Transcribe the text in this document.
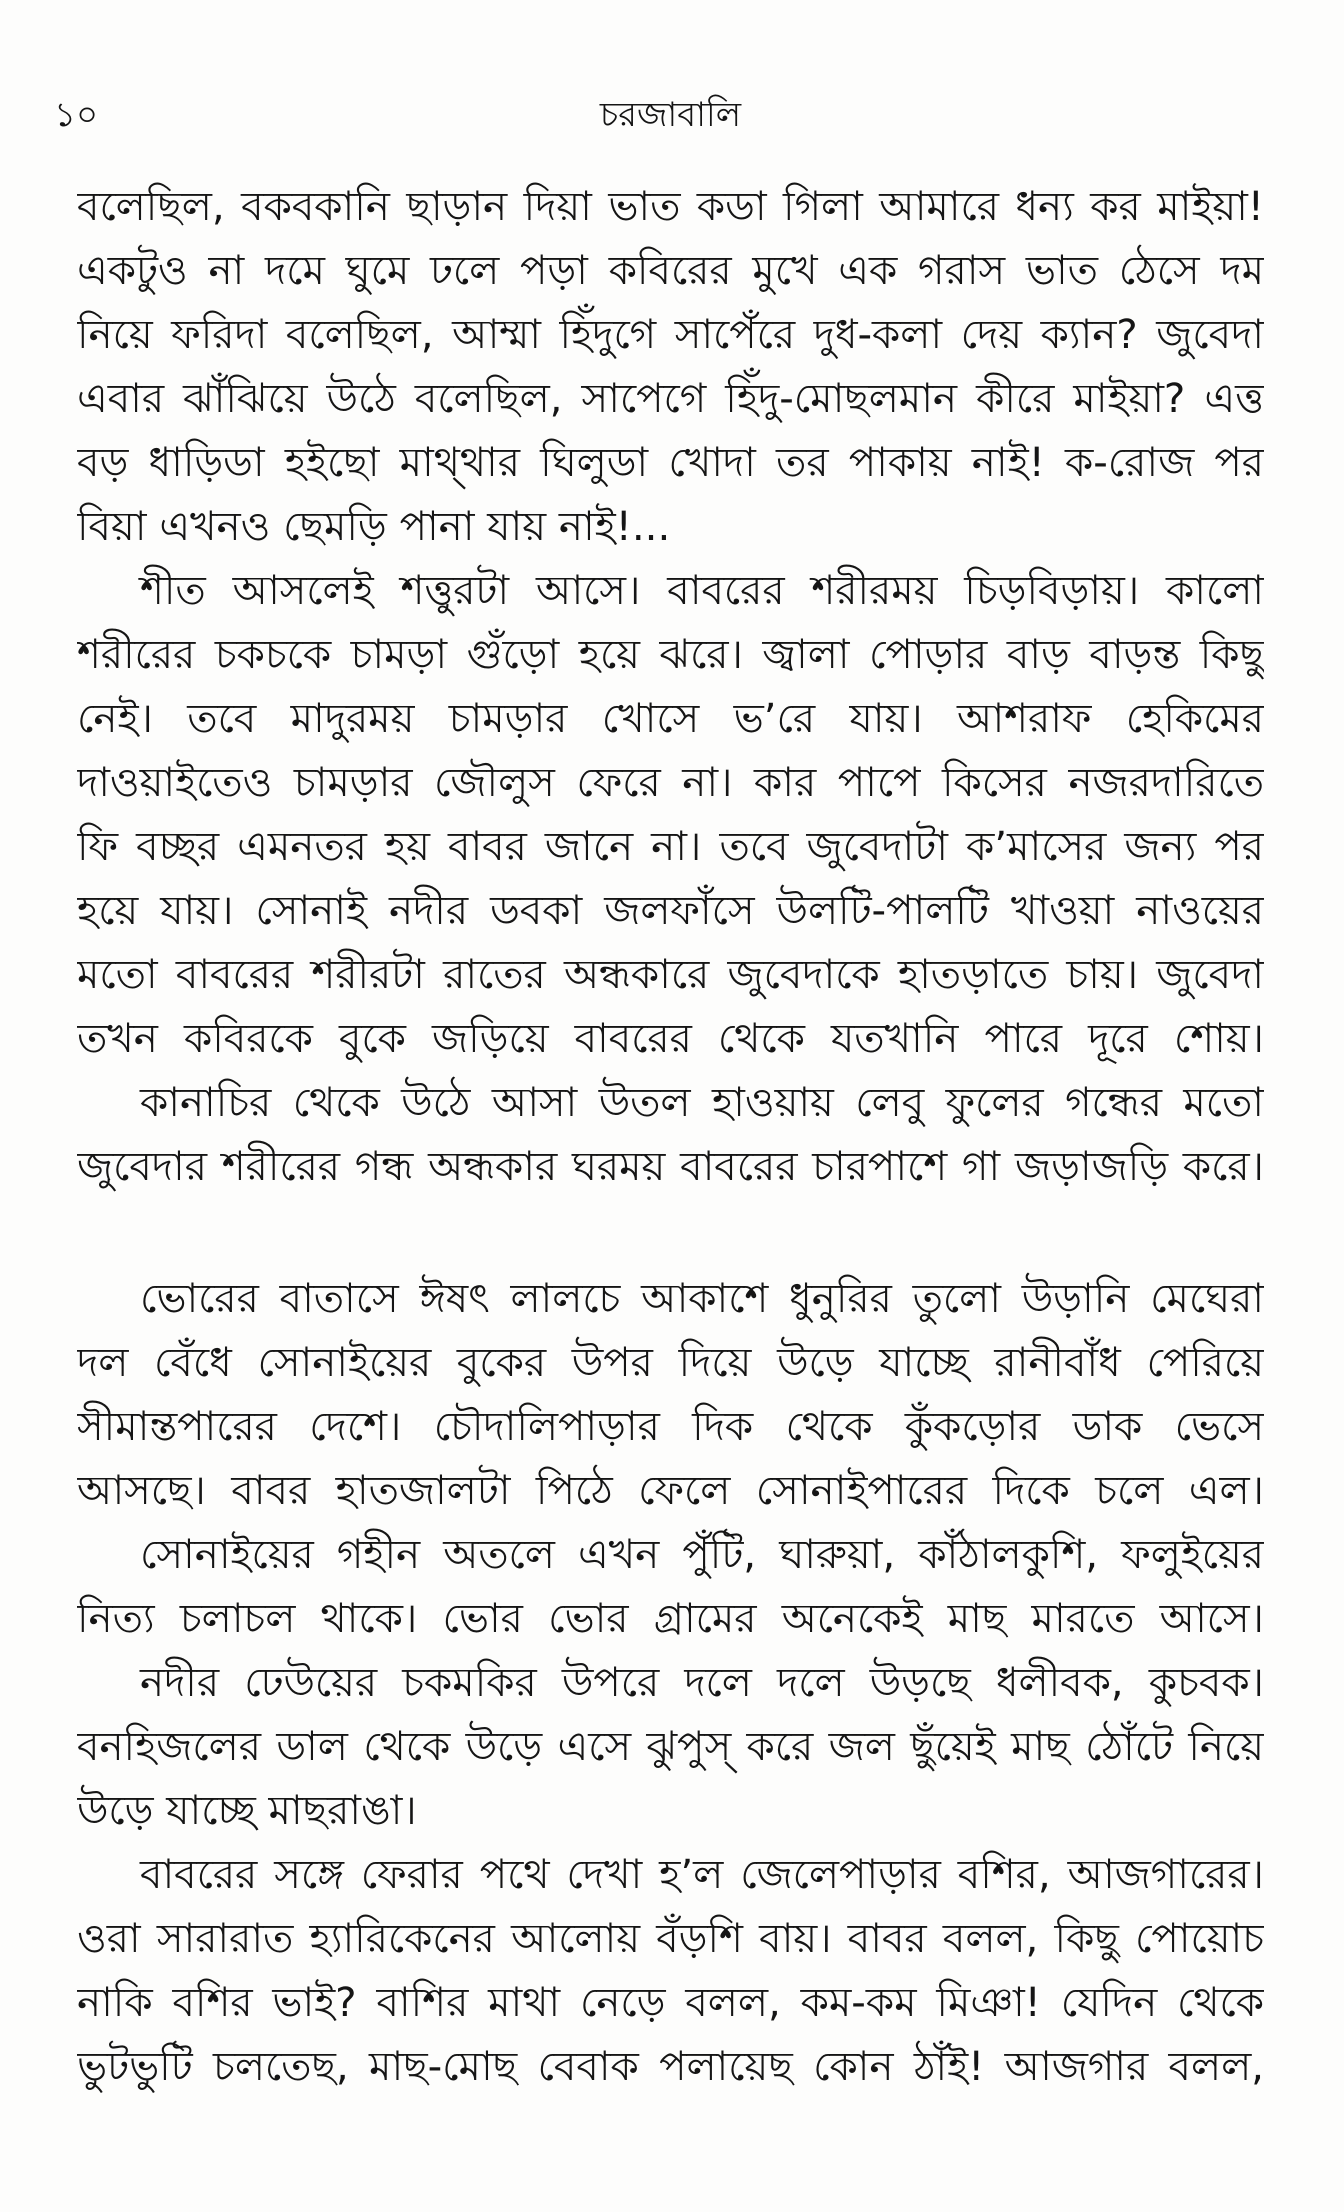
১০	চরজাবালি
বলেছিল, বকবকানি ছাড়ান দিয়া ভাত কডা গিলা আমারে ধন্য কর মাইয়া!
একটুও না দমে ঘুমে ঢলে পড়া কবিরের মুখে এক গরাস ভাত ঠেসে দম
নিয়ে ফরিদা বলেছিল, আম্মা হিঁদুগে সাপেঁরে দুধ-কলা দেয় ক্যান? জুবেদা
এবার ঝাঁঝিয়ে উঠে বলেছিল, সাপেগে হিঁদু-মোছলমান কীরে মাইয়া? এত্ত
বড় ধাড়িডা হইছো মাথ্থার ঘিলুডা খোদা তর পাকায় নাই! ক-রোজ পর
বিয়া এখনও ছেমড়ি পানা যায় নাই!...
শীত আসলেই শত্তুরটা আসে। বাবরের শরীরময় চিড়বিড়ায়। কালো
শরীরের চকচকে চামড়া গুঁড়ো হয়ে ঝরে। জ্বালা পোড়ার বাড় বাড়ন্ত কিছু
নেই। তবে মাদুরময় চামড়ার খোসে ভ’রে যায়। আশরাফ হেকিমের
দাওয়াইতেও চামড়ার জৌলুস ফেরে না। কার পাপে কিসের নজরদারিতে
ফি বচ্ছর এমনতর হয় বাবর জানে না। তবে জুবেদাটা ক’মাসের জন্য পর
হয়ে যায়। সোনাই নদীর ডবকা জলফাঁসে উলটি-পালটি খাওয়া নাওয়ের
মতো বাবরের শরীরটা রাতের অন্ধকারে জুবেদাকে হাতড়াতে চায়। জুবেদা
তখন কবিরকে বুকে জড়িয়ে বাবরের থেকে যতখানি পারে দূরে শোয়।
কানাচির থেকে উঠে আসা উতল হাওয়ায় লেবু ফুলের গন্ধের মতো
জুবেদার শরীরের গন্ধ অন্ধকার ঘরময় বাবরের চারপাশে গা জড়াজড়ি করে।
ভোরের বাতাসে ঈষৎ লালচে আকাশে ধুনুরির তুলো উড়ানি মেঘেরা
দল বেঁধে সোনাইয়ের বুকের উপর দিয়ে উড়ে যাচ্ছে রানীবাঁধ পেরিয়ে
সীমান্তপারের দেশে। চৌদালিপাড়ার দিক থেকে কুঁকড়োর ডাক ভেসে
আসছে। বাবর হাতজালটা পিঠে ফেলে সোনাইপারের দিকে চলে এল।
সোনাইয়ের গহীন অতলে এখন পুঁটি, ঘারুয়া, কাঁঠালকুশি, ফলুইয়ের
নিত্য চলাচল থাকে। ভোর ভোর গ্রামের অনেকেই মাছ মারতে আসে।
নদীর ঢেউয়ের চকমকির উপরে দলে দলে উড়ছে ধলীবক, কুচবক।
বনহিজলের ডাল থেকে উড়ে এসে ঝুপুস্ করে জল ছুঁয়েই মাছ ঠোঁটে নিয়ে
উড়ে যাচ্ছে মাছরাঙা।
বাবরের সঙ্গে ফেরার পথে দেখা হ’ল জেলেপাড়ার বশির, আজগারের।
ওরা সারারাত হ্যারিকেনের আলোয় বঁড়শি বায়। বাবর বলল, কিছু পোয়োচ
নাকি বশির ভাই? বাশির মাথা নেড়ে বলল, কম-কম মিঞা! যেদিন থেকে
ভুটভুটি চলতেছ, মাছ-মোছ বেবাক পলায়েছ কোন ঠাঁই! আজগার বলল,
